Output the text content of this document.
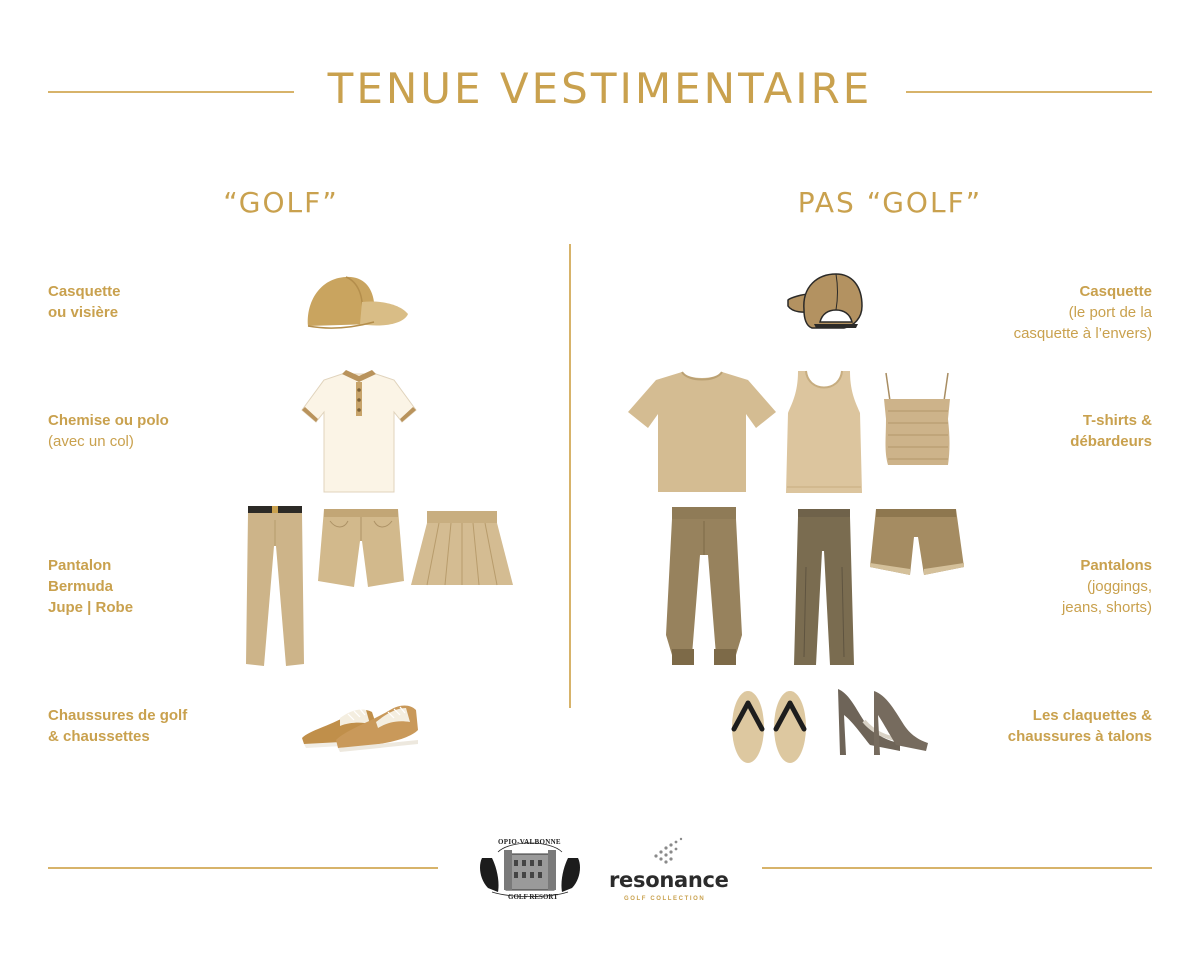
TENUE VESTIMENTAIRE
“GOLF”	PAS “GOLF”
Casquette
ou visière
Chemise ou polo
(avec un col)
Pantalon
Bermuda
Jupe | Robe
Chaussures de golf
& chaussettes
Casquette
(le port de la
casquette à l’envers)
T-shirts &
débardeurs
Pantalons
(joggings,
jeans, shorts)
Les claquettes &
chaussures à talons
OPIO-VALBONNE
GOLF RESORT
resonance
GOLF COLLECTION
